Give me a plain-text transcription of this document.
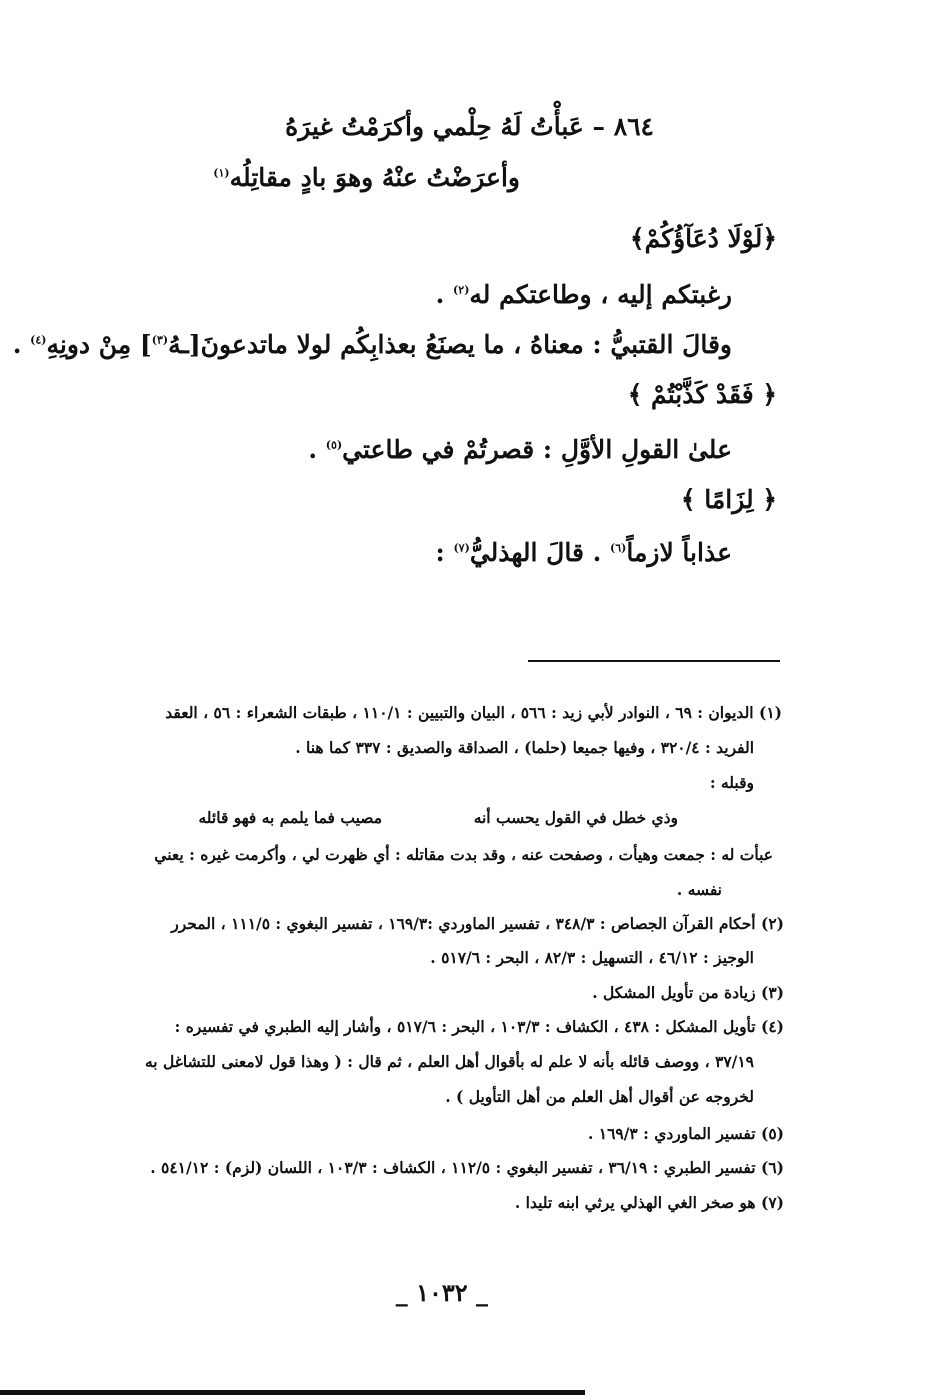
٨٦٤ – عَبأْتُ لَهُ حِلْمي وأكرَمْتُ غيرَهُ
وأعرَضْتُ عنْهُ وهوَ بادٍ مقاتِلُه$^{(١)}$
﴿لَوْلَا دُعَآؤُكُمْ﴾
رغبتكم إليه ، وطاعتكم له$^{(٢)}$ .
وقالَ القتبيُّ : معناهُ ، ما يصنَعُ بعذابِكُم لولا ماتدعونَ[ـهُ$^{(٣)}$] مِنْ دونِهِ$^{(٤)}$ .
﴿ فَقَدْ كَذَّبْتُمْ ﴾
علىٰ القولِ الأوَّلِ : قصرتُمْ في طاعتي$^{(٥)}$ .
﴿ لِزَامًا ﴾
عذاباً لازماً$^{(٦)}$ . قالَ الهذليُّ$^{(٧)}$ :
(١) الديوان : ٦٩ ، النوادر لأبي زيد : ٥٦٦ ، البيان والتبيين : ١١٠/١ ، طبقات الشعراء : ٥٦ ، العقد
الفريد : ٣٢٠/٤ ، وفيها جميعا (حلما) ، الصداقة والصديق : ٣٣٧ كما هنا .
وقبله :
وذي خطل في القول يحسب أنه
مصيب فما يلمم به فهو قائله
عبأت له : جمعت وهيأت ، وصفحت عنه ، وقد بدت مقاتله : أي ظهرت لي ، وأكرمت غيره : يعني
نفسه .
(٢) أحكام القرآن الجصاص : ٣٤٨/٣ ، تفسير الماوردي :١٦٩/٣ ، تفسير البغوي : ١١١/٥ ، المحرر
الوجيز : ٤٦/١٢ ، التسهيل : ٨٢/٣ ، البحر : ٥١٧/٦ .
(٣) زيادة من تأويل المشكل .
(٤) تأويل المشكل : ٤٣٨ ، الكشاف : ١٠٣/٣ ، البحر : ٥١٧/٦ ، وأشار إليه الطبري في تفسيره :
٣٧/١٩ ، ووصف قائله بأنه لا علم له بأقوال أهل العلم ، ثم قال : ( وهذا قول لامعنى للتشاغل به
لخروجه عن أقوال أهل العلم من أهل التأويل ) .
(٥) تفسير الماوردي : ١٦٩/٣ .
(٦) تفسير الطبري : ٣٦/١٩ ، تفسير البغوي : ١١٢/٥ ، الكشاف : ١٠٣/٣ ، اللسان (لزم) : ٥٤١/١٢ .
(٧) هو صخر الغي الهذلي يرثي ابنه تليدا .
_ ١٠٣٢ _
